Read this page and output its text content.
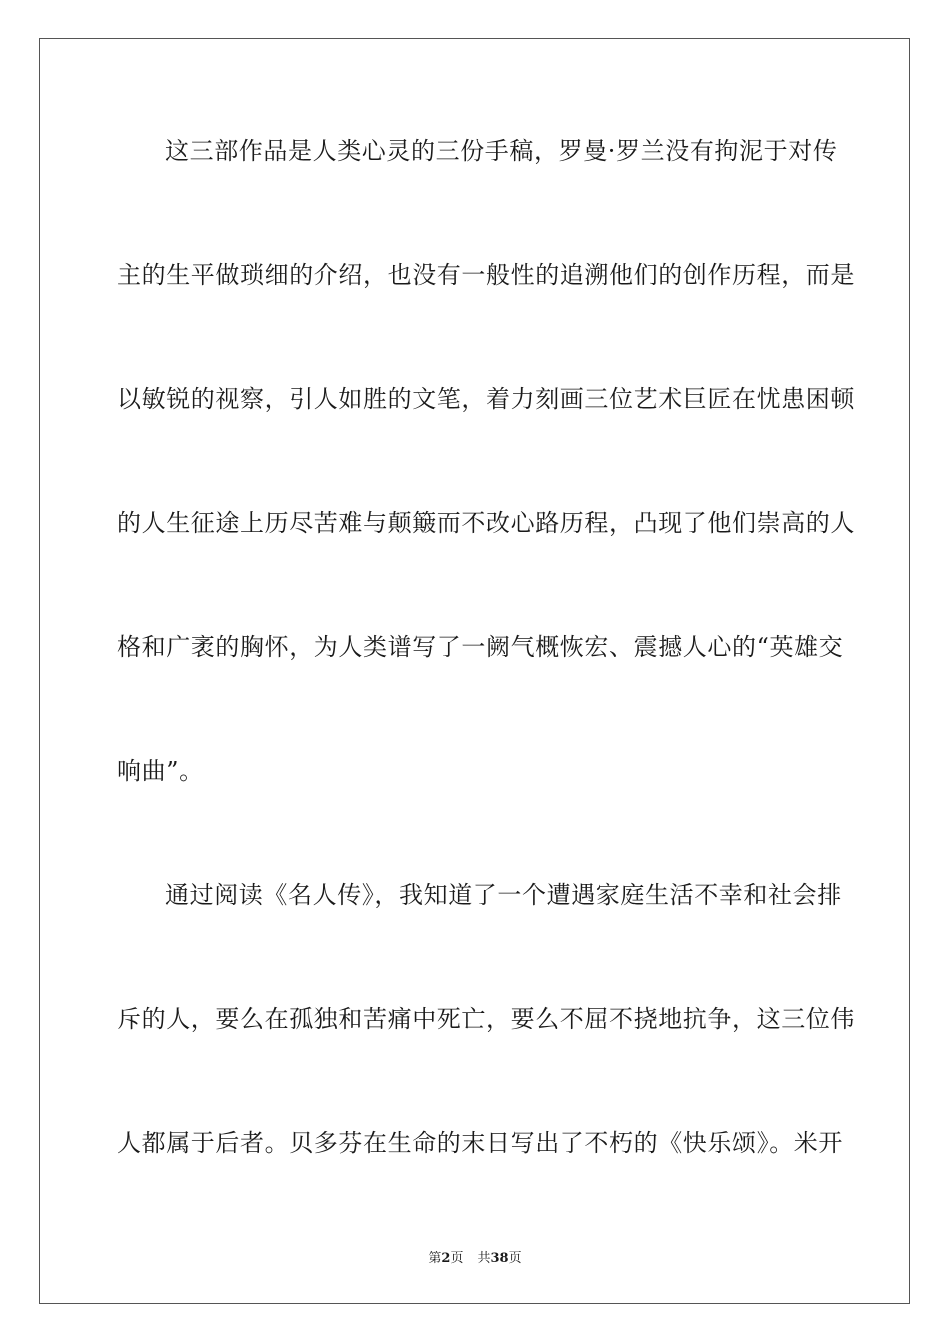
这三部作品是人类心灵的三份手稿，罗曼·罗兰没有拘泥于对传
主的生平做琐细的介绍，也没有一般性的追溯他们的创作历程，而是
以敏锐的视察，引人如胜的文笔，着力刻画三位艺术巨匠在忧患困顿
的人生征途上历尽苦难与颠簸而不改心路历程，凸现了他们崇高的人
格和广袤的胸怀，为人类谱写了一阙气概恢宏、震撼人心的“英雄交
响曲”。
通过阅读《名人传》，我知道了一个遭遇家庭生活不幸和社会排
斥的人，要么在孤独和苦痛中死亡，要么不屈不挠地抗争，这三位伟
人都属于后者。贝多芬在生命的末日写出了不朽的《快乐颂》。米开
第2页 共38页
